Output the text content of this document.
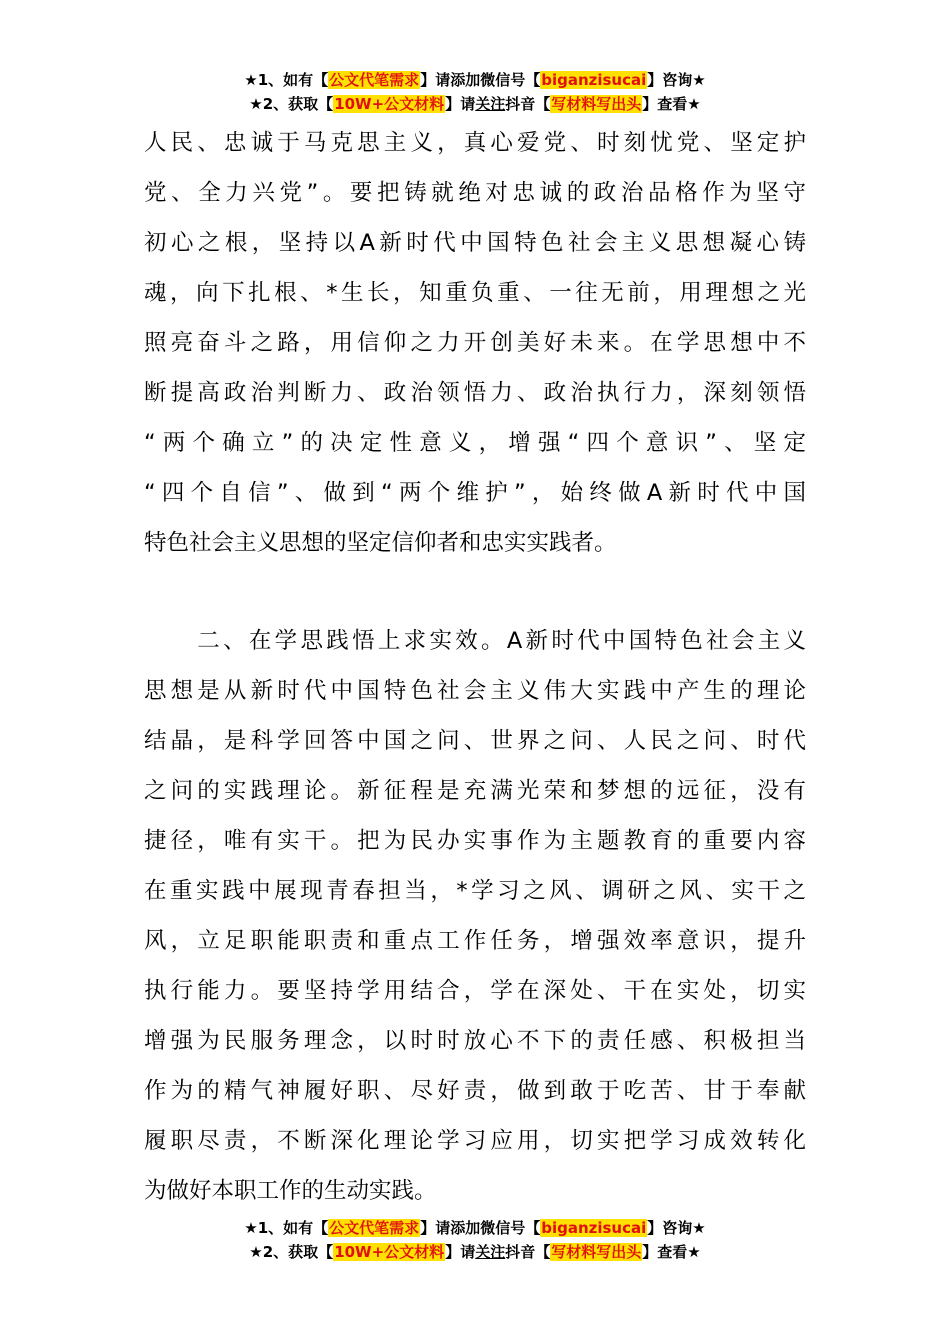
★1、如有【公文代笔需求】请添加微信号【biganzisucai】咨询★
★2、获取【10W+公文材料】请关注抖音【写材料写出头】查看★
人民、忠诚于马克思主义，真心爱党、时刻忧党、坚定护
党、全力兴党”。要把铸就绝对忠诚的政治品格作为坚守
初心之根，坚持以A新时代中国特色社会主义思想凝心铸
魂，向下扎根、*生长，知重负重、一往无前，用理想之光
照亮奋斗之路，用信仰之力开创美好未来。在学思想中不
断提高政治判断力、政治领悟力、政治执行力，深刻领悟
“两个确立”的决定性意义，增强“四个意识”、坚定
“四个自信”、做到“两个维护”，始终做A新时代中国
特色社会主义思想的坚定信仰者和忠实实践者。
二、在学思践悟上求实效。A新时代中国特色社会主义
思想是从新时代中国特色社会主义伟大实践中产生的理论
结晶，是科学回答中国之问、世界之问、人民之问、时代
之问的实践理论。新征程是充满光荣和梦想的远征，没有
捷径，唯有实干。把为民办实事作为主题教育的重要内容
在重实践中展现青春担当，*学习之风、调研之风、实干之
风，立足职能职责和重点工作任务，增强效率意识，提升
执行能力。要坚持学用结合，学在深处、干在实处，切实
增强为民服务理念，以时时放心不下的责任感、积极担当
作为的精气神履好职、尽好责，做到敢于吃苦、甘于奉献
履职尽责，不断深化理论学习应用，切实把学习成效转化
为做好本职工作的生动实践。
★1、如有【公文代笔需求】请添加微信号【biganzisucai】咨询★
★2、获取【10W+公文材料】请关注抖音【写材料写出头】查看★
